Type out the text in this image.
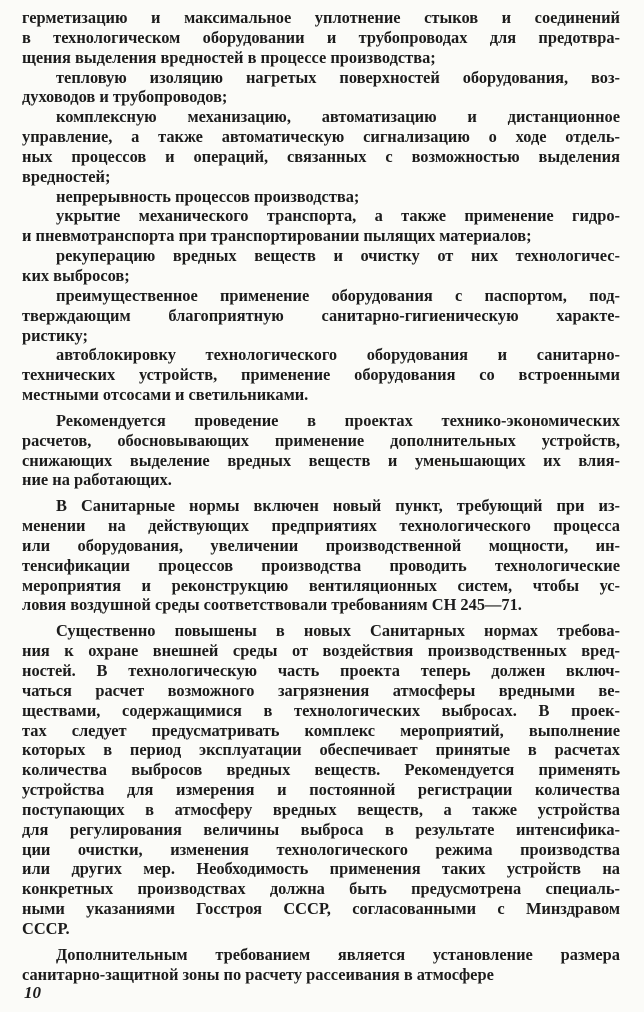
герметизацию и максимальное уплотнение стыков и соединений
в технологическом оборудовании и трубопроводах для предотвра-
щения выделения вредностей в процессе производства;
тепловую изоляцию нагретых поверхностей оборудования, воз-
духоводов и трубопроводов;
комплексную механизацию, автоматизацию и дистанционное
управление, а также автоматическую сигнализацию о ходе отдель-
ных процессов и операций, связанных с возможностью выделения
вредностей;
непрерывность процессов производства;
укрытие механического транспорта, а также применение гидро-
и пневмотранспорта при транспортировании пылящих материалов;
рекуперацию вредных веществ и очистку от них технологичес-
ких выбросов;
преимущественное применение оборудования с паспортом, под-
тверждающим благоприятную санитарно-гигиеническую характе-
ристику;
автоблокировку технологического оборудования и санитарно-
технических устройств, применение оборудования со встроенными
местными отсосами и светильниками.
Рекомендуется проведение в проектах технико-экономических
расчетов, обосновывающих применение дополнительных устройств,
снижающих выделение вредных веществ и уменьшающих их влия-
ние на работающих.
В Санитарные нормы включен новый пункт, требующий при из-
менении на действующих предприятиях технологического процесса
или оборудования, увеличении производственной мощности, ин-
тенсификации процессов производства проводить технологические
мероприятия и реконструкцию вентиляционных систем, чтобы ус-
ловия воздушной среды соответствовали требованиям СН 245—71.
Существенно повышены в новых Санитарных нормах требова-
ния к охране внешней среды от воздействия производственных вред-
ностей. В технологическую часть проекта теперь должен включ-
чаться расчет возможного загрязнения атмосферы вредными ве-
ществами, содержащимися в технологических выбросах. В проек-
тах следует предусматривать комплекс мероприятий, выполнение
которых в период эксплуатации обеспечивает принятые в расчетах
количества выбросов вредных веществ. Рекомендуется применять
устройства для измерения и постоянной регистрации количества
поступающих в атмосферу вредных веществ, а также устройства
для регулирования величины выброса в результате интенсифика-
ции очистки, изменения технологического режима производства
или других мер. Необходимость применения таких устройств на
конкретных производствах должна быть предусмотрена специаль-
ными указаниями Госстроя СССР, согласованными с Минздравом
СССР.
Дополнительным требованием является установление размера
санитарно-защитной зоны по расчету рассеивания в атмосфере
10
